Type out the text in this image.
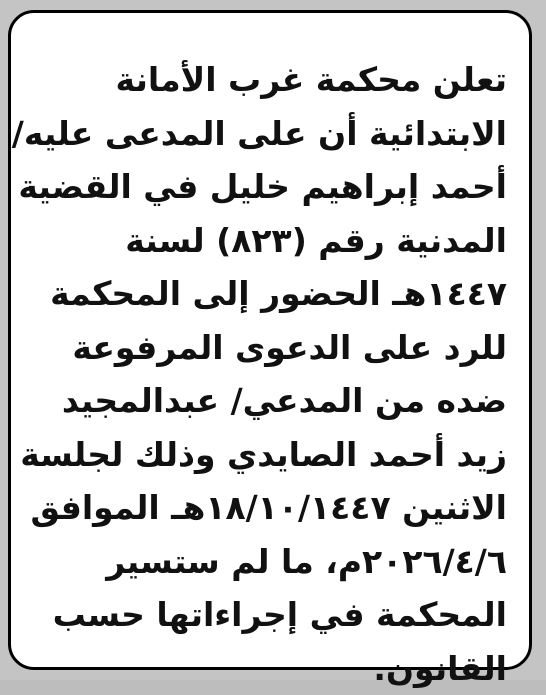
تعلن محكمة غرب الأمانة
الابتدائية أن على المدعى عليه/
أحمد إبراهيم خليل في القضية
المدنية رقم (٨٢٣) لسنة
١٤٤٧هـ الحضور إلى المحكمة
للرد على الدعوى المرفوعة
ضده من المدعي/ عبدالمجيد
زيد أحمد الصايدي وذلك لجلسة
الاثنين ١٨/١٠/١٤٤٧هـ الموافق
٢٠٢٦/٤/٦م، ما لم ستسير
المحكمة في إجراءاتها حسب
القانون.
